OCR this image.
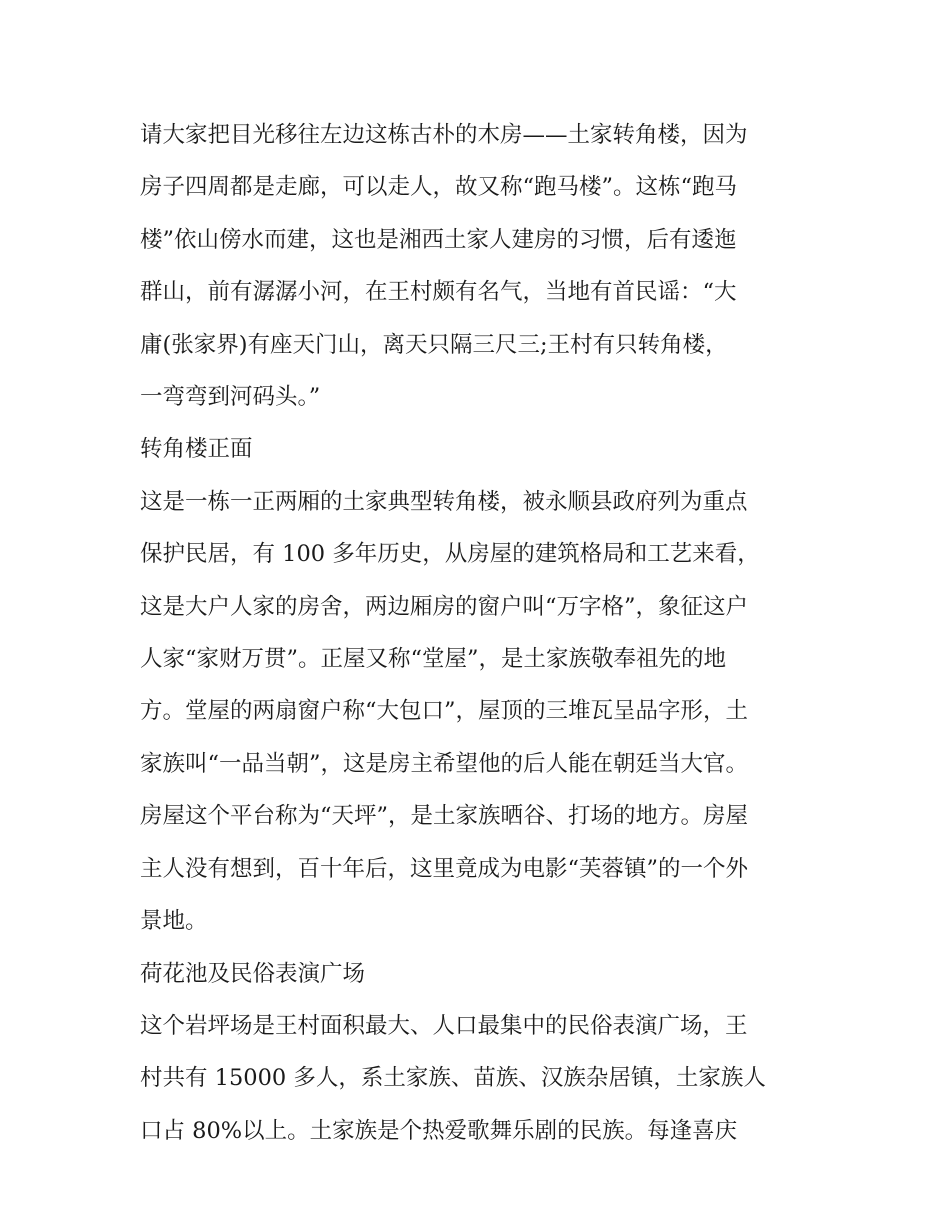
请大家把目光移往左边这栋古朴的木房——土家转角楼，因为
房子四周都是走廊，可以走人，故又称“跑马楼”。这栋“跑马
楼”依山傍水而建，这也是湘西土家人建房的习惯，后有逶迤
群山，前有潺潺小河，在王村颇有名气，当地有首民谣：“大
庸(张家界)有座天门山，离天只隔三尺三;王村有只转角楼，
一弯弯到河码头。”
转角楼正面
这是一栋一正两厢的土家典型转角楼，被永顺县政府列为重点
保护民居，有 100 多年历史，从房屋的建筑格局和工艺来看，
这是大户人家的房舍，两边厢房的窗户叫“万字格”，象征这户
人家“家财万贯”。正屋又称“堂屋”，是土家族敬奉祖先的地
方。堂屋的两扇窗户称“大包口”，屋顶的三堆瓦呈品字形，土
家族叫“一品当朝”，这是房主希望他的后人能在朝廷当大官。
房屋这个平台称为“天坪”，是土家族晒谷、打场的地方。房屋
主人没有想到，百十年后，这里竟成为电影“芙蓉镇”的一个外
景地。
荷花池及民俗表演广场
这个岩坪场是王村面积最大、人口最集中的民俗表演广场，王
村共有 15000 多人，系土家族、苗族、汉族杂居镇，土家族人
口占 80%以上。土家族是个热爱歌舞乐剧的民族。每逢喜庆
